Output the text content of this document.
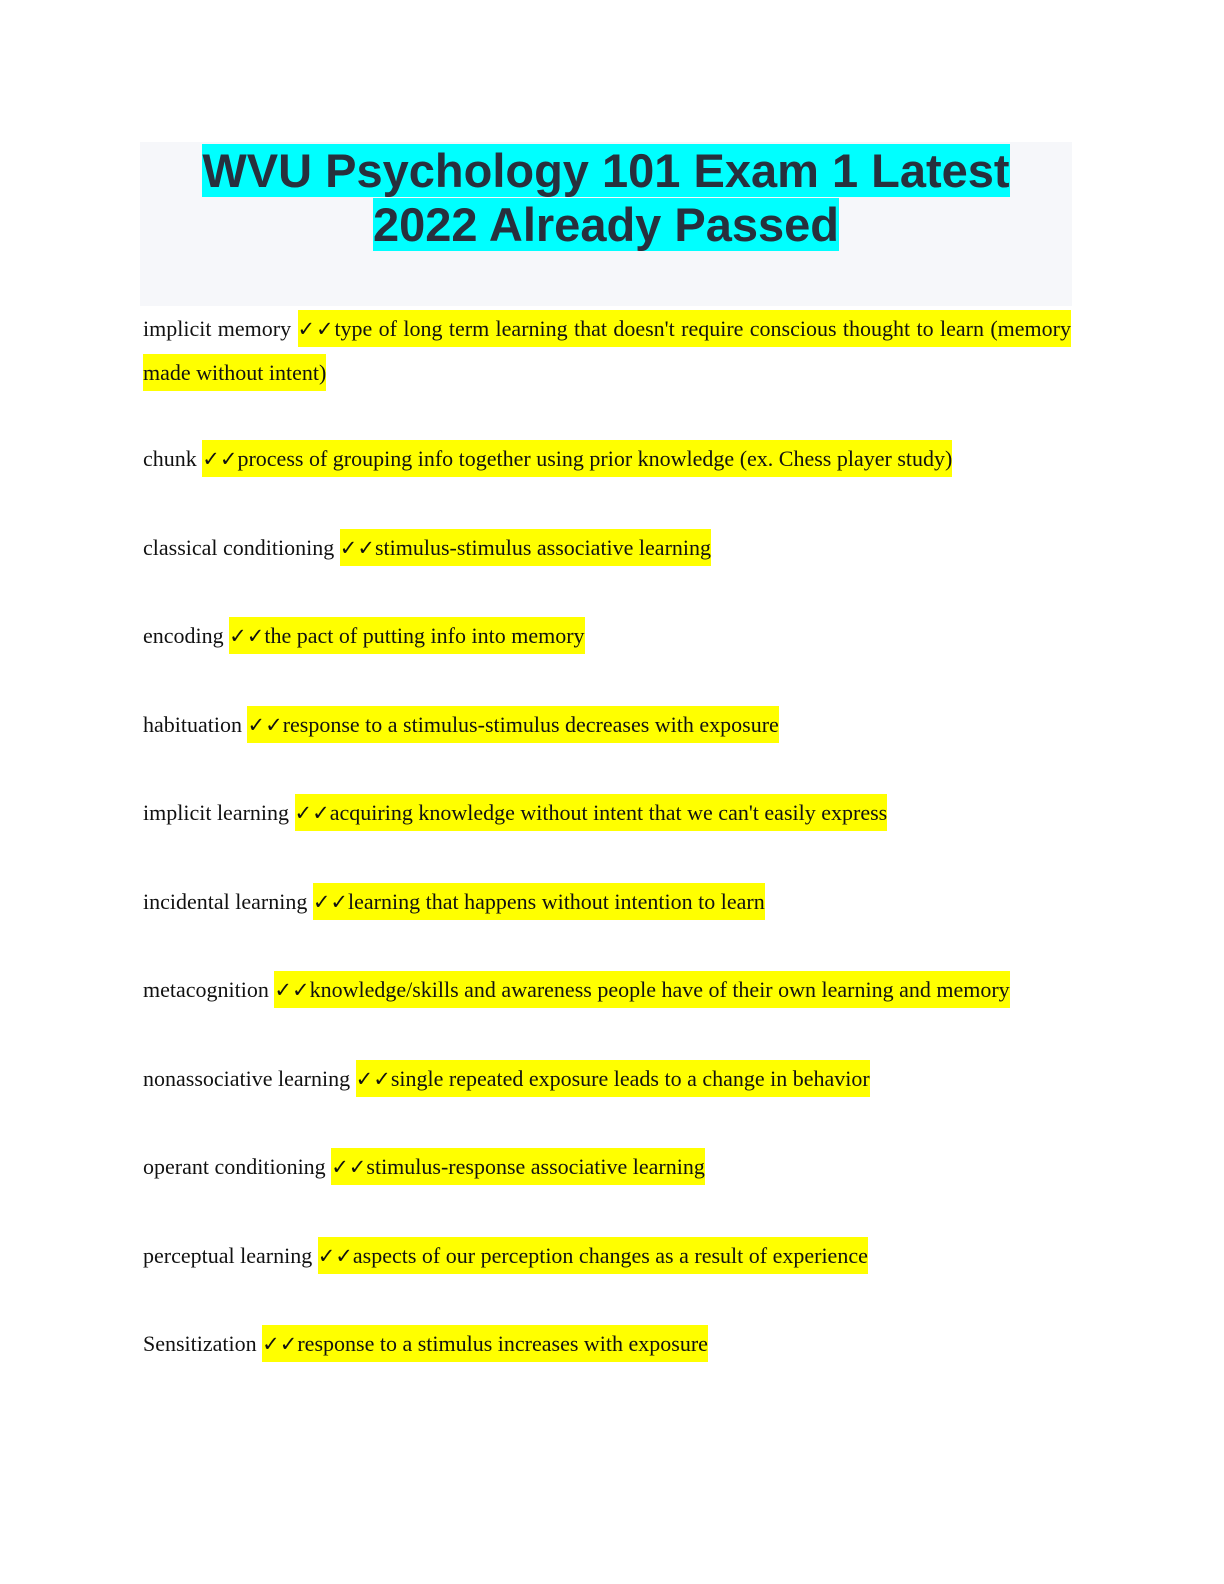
WVU Psychology 101 Exam 1 Latest
2022 Already Passed

implicit memory ✓✓type of long term learning that doesn't require conscious thought to learn (memory made without intent)

chunk ✓✓process of grouping info together using prior knowledge (ex. Chess player study)

classical conditioning ✓✓stimulus-stimulus associative learning

encoding ✓✓the pact of putting info into memory

habituation ✓✓response to a stimulus-stimulus decreases with exposure

implicit learning ✓✓acquiring knowledge without intent that we can't easily express

incidental learning ✓✓learning that happens without intention to learn

metacognition ✓✓knowledge/skills and awareness people have of their own learning and memory

nonassociative learning ✓✓single repeated exposure leads to a change in behavior

operant conditioning ✓✓stimulus-response associative learning

perceptual learning ✓✓aspects of our perception changes as a result of experience

Sensitization ✓✓response to a stimulus increases with exposure
